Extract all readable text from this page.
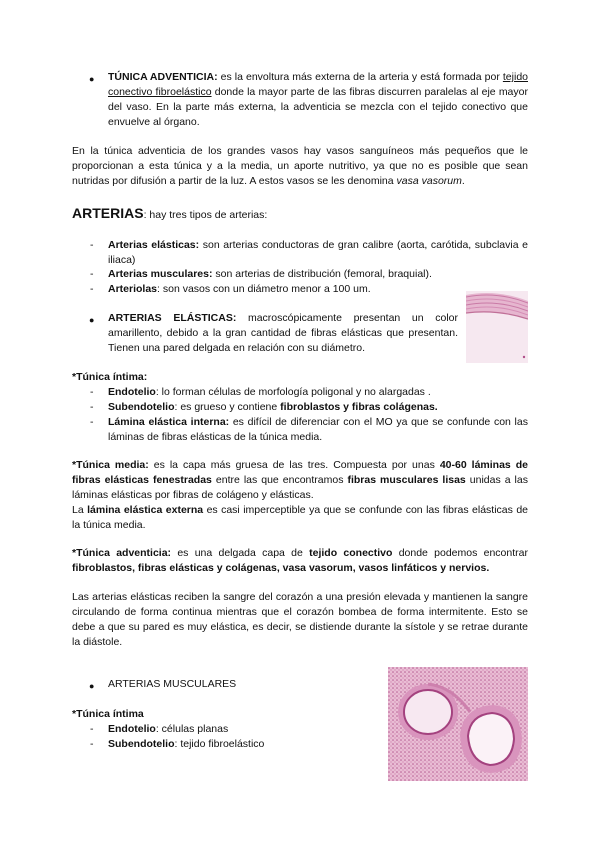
● TÚNICA ADVENTICIA: es la envoltura más externa de la arteria y está formada por tejido conectivo fibroelástico donde la mayor parte de las fibras discurren paralelas al eje mayor del vaso. En la parte más externa, la adventicia se mezcla con el tejido conectivo que envuelve al órgano.

En la túnica adventicia de los grandes vasos hay vasos sanguíneos más pequeños que le proporcionan a esta túnica y a la media, un aporte nutritivo, ya que no es posible que sean nutridas por difusión a partir de la luz. A estos vasos se les denomina vasa vasorum.

ARTERIAS: hay tres tipos de arterias:

- Arterias elásticas: son arterias conductoras de gran calibre (aorta, carótida, subclavia e iliaca)

- Arterias musculares: son arterias de distribución (femoral, braquial).

- Arteriolas: son vasos con un diámetro menor a 100 um.

● ARTERIAS ELÁSTICAS: macroscópicamente presentan un color amarillento, debido a la gran cantidad de fibras elásticas que presentan. Tienen una pared delgada en relación con su diámetro.

*Túnica íntima:

- Endotelio: lo forman células de morfología poligonal y no alargadas .

- Subendotelio: es grueso y contiene fibroblastos y fibras colágenas.

- Lámina elástica interna: es difícil de diferenciar con el MO ya que se confunde con las láminas de fibras elásticas de la túnica media.

*Túnica media: es la capa más gruesa de las tres. Compuesta por unas 40-60 láminas de fibras elásticas fenestradas entre las que encontramos fibras musculares lisas unidas a las láminas elásticas por fibras de colágeno y elásticas.
La lámina elástica externa es casi imperceptible ya que se confunde con las fibras elásticas de la túnica media.

*Túnica adventicia: es una delgada capa de tejido conectivo donde podemos encontrar fibroblastos, fibras elásticas y colágenas, vasa vasorum, vasos linfáticos y nervios.

Las arterias elásticas reciben la sangre del corazón a una presión elevada y mantienen la sangre circulando de forma continua mientras que el corazón bombea de forma intermitente. Esto se debe a que su pared es muy elástica, es decir, se distiende durante la sístole y se retrae durante la diástole.

● ARTERIAS MUSCULARES

*Túnica íntima

- Endotelio: células planas

- Subendotelio: tejido fibroelástico
